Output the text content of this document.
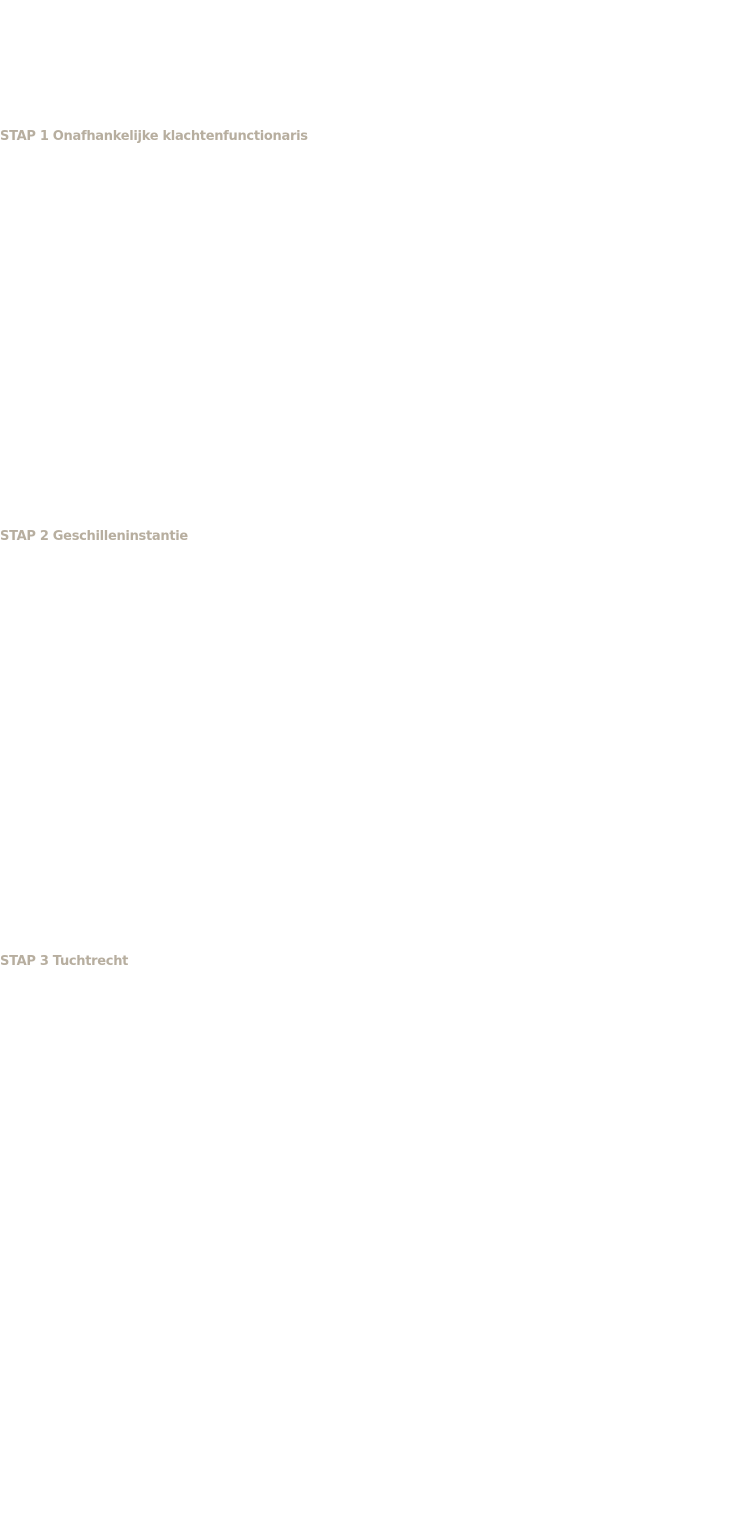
STAP 1 Onafhankelijke klachtenfunctionaris
STAP 2 Geschilleninstantie
STAP 3 Tuchtrecht
